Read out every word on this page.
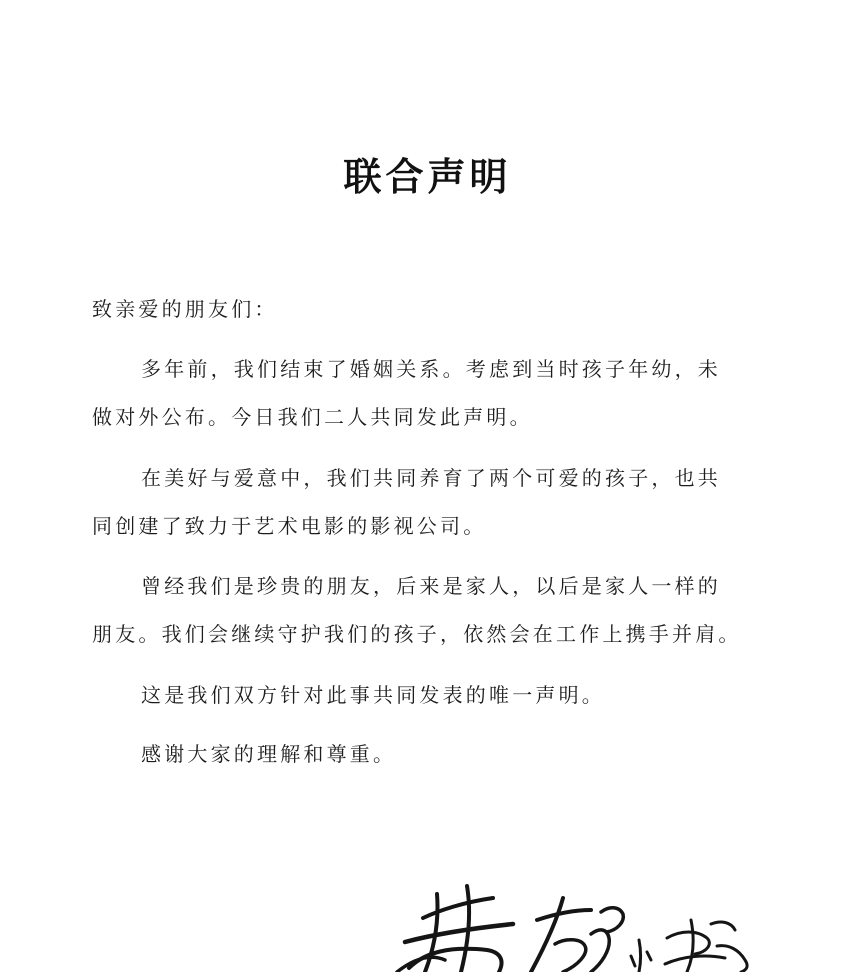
联合声明

致亲爱的朋友们：

多年前，我们结束了婚姻关系。考虑到当时孩子年幼，未

做对外公布。今日我们二人共同发此声明。

在美好与爱意中，我们共同养育了两个可爱的孩子，也共

同创建了致力于艺术电影的影视公司。

曾经我们是珍贵的朋友，后来是家人，以后是家人一样的

朋友。我们会继续守护我们的孩子，依然会在工作上携手并肩。

这是我们双方针对此事共同发表的唯一声明。

感谢大家的理解和尊重。
